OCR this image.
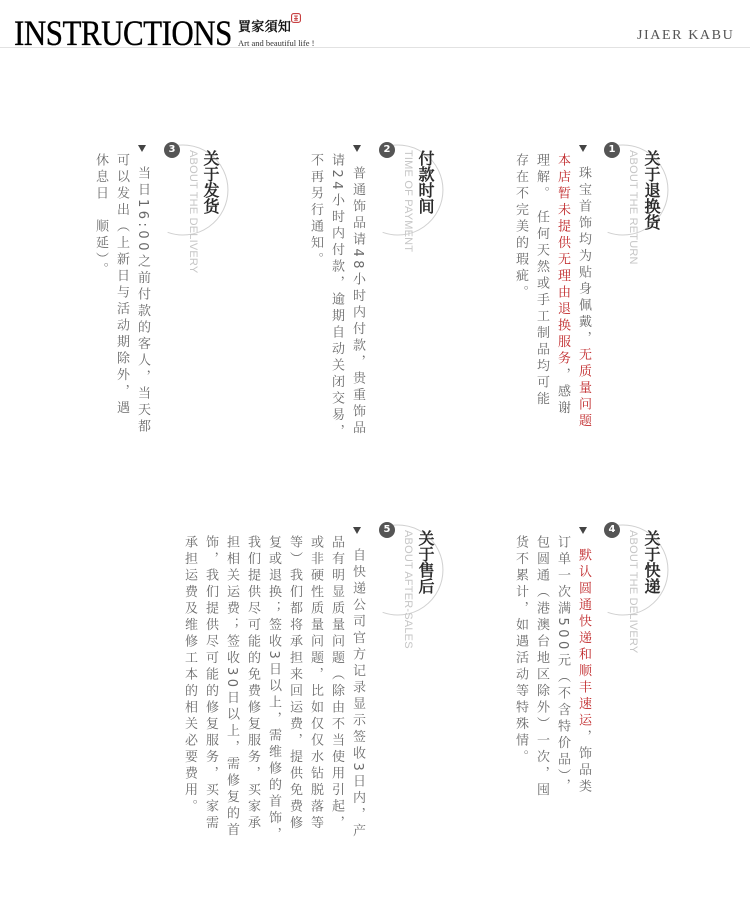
INSTRUCTIONS 買家須知
Art and beautiful life !	JIAER KABU
1
关于退换货
ABOUT THE RETURN
珠宝首饰均为贴身佩戴，无质量问题
本店暂未提供无理由退换服务，感谢
理解。 任何天然或手工制品均可能
存在不完美的瑕疵。
2
付款时间
TIME OF PAYMENT
普通饰品请48小时内付款，贵重饰品
请24小时内付款，逾期自动关闭交易，
不再另行通知。
3
关于发货
ABOUT THE DELIVERY
当日16:00之前付款的客人，当天都
可以发出（上新日与活动期除外，遇
休息日　顺延）。
4
关于快递
ABOUT THE DELIVERY
默认圆通快递和顺丰速运，饰品类
订单一次满500元（不含特价品），
包圆通（港澳台地区除外）一次，囤
货不累计，如遇活动等特殊情。
5
关于售后
ABOUT AFTER-SALES
自快递公司官方记录显示签收3日内，产
品有明显质量问题（除由不当使用引起，
或非硬性质量问题，比如仅仅水钻脱落等
等）我们都将承担来回运费，提供免费修
复或退换；签收3日以上，需维修的首饰，
我们提供尽可能的免费修复服务，买家承
担相关运费；签收30日以上，需修复的首
饰，我们提供尽可能的修复服务，买家需
承担运费及维修工本的相关必要费用。
